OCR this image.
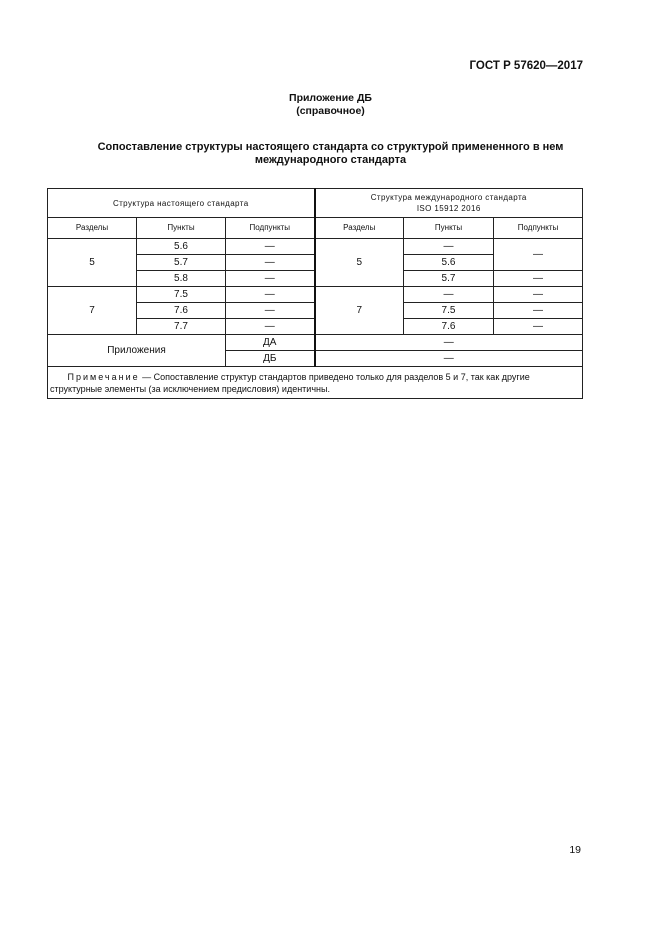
ГОСТ Р 57620—2017
Приложение ДБ
(справочное)
Сопоставление структуры настоящего стандарта со структурой примененного в нем
международного стандарта
Структура настоящего стандарта			Структура международного стандарта
ISO 15912 2016		

Разделы	Пункты	Подпункты	Разделы	Пункты	Подпункты
5	5.6	—	5	—	—
	5.7	—		5.6	
	5.8	—		5.7	—
7	7.5	—	7	—	—
	7.6	—		7.5	—
	7.7	—		7.6	—
Приложения		ДА	—		
		ДБ	—		
Примечание — Сопоставление структур стандартов приведено только для разделов 5 и 7, так как другие структурные элементы (за исключением предисловия) идентичны.					
19
